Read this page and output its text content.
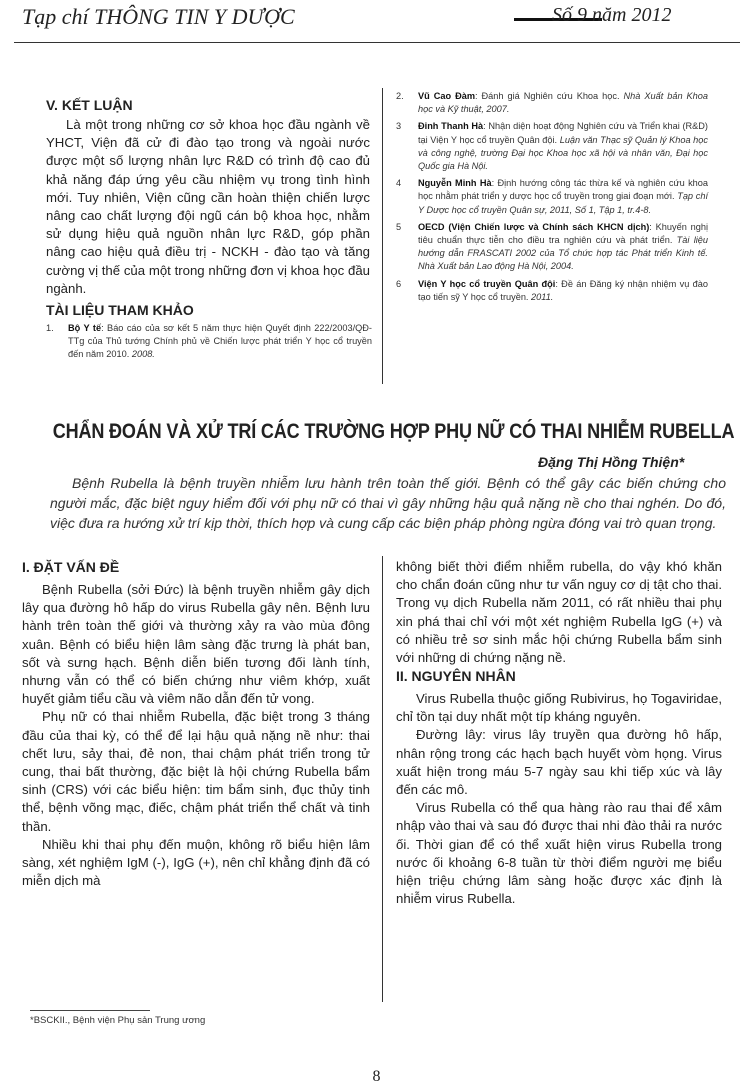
Tạp chí THÔNG TIN Y DƯỢC	Số 9 năm 2012
V. KẾT LUẬN

Là một trong những cơ sở khoa học đầu ngành về YHCT, Viện đã cử đi đào tạo trong và ngoài nước được một số lượng nhân lực R&D có trình độ cao đủ khả năng đáp ứng yêu cầu nhiệm vụ trong tình hình mới. Tuy nhiên, Viện cũng cần hoàn thiện chiến lược nâng cao chất lượng đội ngũ cán bộ khoa học, nhằm sử dụng hiệu quả nguồn nhân lực R&D, góp phần nâng cao hiệu quả điều trị - NCKH - đào tạo và tăng cường vị thế của một trong những đơn vị khoa học đầu ngành.

TÀI LIỆU THAM KHẢO
1.	Bộ Y tế: Báo cáo của sơ kết 5 năm thực hiện Quyết định 222/2003/QĐ-TTg của Thủ tướng Chính phủ về Chiến lược phát triển Y học cổ truyền đến năm 2010. 2008.
2.	Vũ Cao Đàm: Đánh giá Nghiên cứu Khoa học. Nhà Xuất bản Khoa học và Kỹ thuật, 2007.
3	Đinh Thanh Hà: Nhận diện hoạt động Nghiên cứu và Triển khai (R&D) tại Viện Y học cổ truyền Quân đội. Luận văn Thạc sỹ Quản lý Khoa học và công nghệ, trường Đại học Khoa học xã hội và nhân văn, Đại học Quốc gia Hà Nội.
4	Nguyễn Minh Hà: Định hướng công tác thừa kế và nghiên cứu khoa học nhằm phát triển y dược học cổ truyền trong giai đoạn mới. Tạp chí Y Dược học cổ truyền Quân sự, 2011, Số 1, Tập 1, tr.4-8.
5	OECD (Viện Chiến lược và Chính sách KHCN dịch): Khuyến nghị tiêu chuẩn thực tiễn cho điều tra nghiên cứu và phát triển. Tài liệu hướng dẫn FRASCATI 2002 của Tổ chức hợp tác Phát triển Kinh tế. Nhà Xuất bản Lao động Hà Nội, 2004.
6	Viện Y học cổ truyền Quân đội: Đề án Đăng ký nhận nhiệm vụ đào tạo tiến sỹ Y học cổ truyền. 2011.
CHẨN ĐOÁN VÀ XỬ TRÍ CÁC TRƯỜNG HỢP PHỤ NỮ CÓ THAI NHIỄM RUBELLA
Đặng Thị Hồng Thiện*
Bệnh Rubella là bệnh truyền nhiễm lưu hành trên toàn thế giới. Bệnh có thể gây các biến chứng cho người mắc, đặc biệt nguy hiểm đối với phụ nữ có thai vì gây những hậu quả nặng nề cho thai nghén. Do đó, việc đưa ra hướng xử trí kịp thời, thích hợp và cung cấp các biện pháp phòng ngừa đóng vai trò quan trọng.
I. ĐẶT VẤN ĐỀ

Bệnh Rubella (sởi Đức) là bệnh truyền nhiễm gây dịch lây qua đường hô hấp do virus Rubella gây nên. Bệnh lưu hành trên toàn thế giới và thường xảy ra vào mùa đông xuân. Bệnh có biểu hiện lâm sàng đặc trưng là phát ban, sốt và sưng hạch. Bệnh diễn biến tương đối lành tính, nhưng vẫn có thể có biến chứng như viêm khớp, xuất huyết giảm tiểu cầu và viêm não dẫn đến tử vong.

Phụ nữ có thai nhiễm Rubella, đặc biệt trong 3 tháng đầu của thai kỳ, có thể để lại hậu quả nặng nề như: thai chết lưu, sảy thai, đẻ non, thai chậm phát triển trong tử cung, thai bất thường, đặc biệt là hội chứng Rubella bẩm sinh (CRS) với các biểu hiện: tim bẩm sinh, đục thủy tinh thể, bệnh võng mạc, điếc, chậm phát triển thể chất và tinh thần.

Nhiều khi thai phụ đến muộn, không rõ biểu hiện lâm sàng, xét nghiệm IgM (-), IgG (+), nên chỉ khẳng định đã có miễn dịch mà

không biết thời điểm nhiễm rubella, do vậy khó khăn cho chẩn đoán cũng như tư vấn nguy cơ dị tật cho thai. Trong vụ dịch Rubella năm 2011, có rất nhiều thai phụ xin phá thai chỉ với một xét nghiệm Rubella IgG (+) và có nhiều trẻ sơ sinh mắc hội chứng Rubella bẩm sinh với những di chứng nặng nề.

II. NGUYÊN NHÂN

Virus Rubella thuộc giống Rubivirus, họ Togaviridae, chỉ tồn tại duy nhất một típ kháng nguyên.

Đường lây: virus lây truyền qua đường hô hấp, nhân rộng trong các hạch bạch huyết vòm họng. Virus xuất hiện trong máu 5-7 ngày sau khi tiếp xúc và lây đến các mô.

Virus Rubella có thể qua hàng rào rau thai để xâm nhập vào thai và sau đó được thai nhi đào thải ra nước ối. Thời gian để có thể xuất hiện virus Rubella trong nước ối khoảng 6-8 tuần từ thời điểm người mẹ biểu hiện triệu chứng lâm sàng hoặc được xác định là nhiễm virus Rubella.

*BSCKII., Bệnh viện Phụ sản Trung ương
8
